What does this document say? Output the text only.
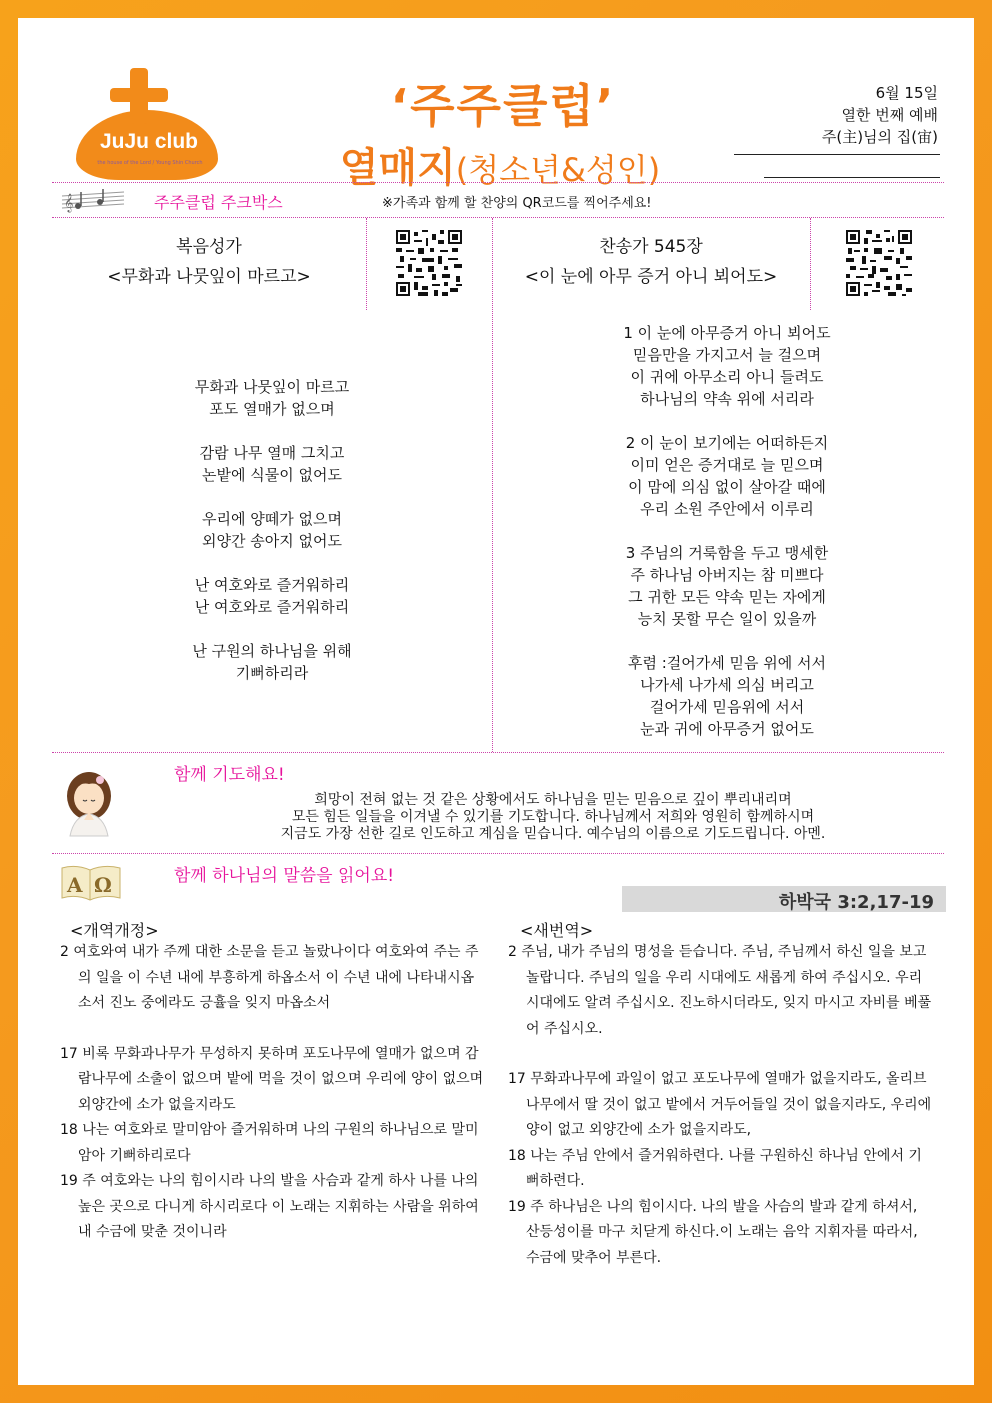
JuJu club
the house of the Lord / Young Shin Church
‘주주클럽’
열매지(청소년&성인)
6월 15일
열한 번째 예배
주(主)님의 집(宙)
𝄞	주주클럽 주크박스	※가족과 함께 할 찬양의 QR코드를 찍어주세요!
복음성가
<무화과 나뭇잎이 마르고>
무화과 나뭇잎이 마르고
포도 열매가 없으며
감람 나무 열매 그치고
논밭에 식물이 없어도
우리에 양떼가 없으며
외양간 송아지 없어도
난 여호와로 즐거워하리
난 여호와로 즐거워하리
난 구원의 하나님을 위해
기뻐하리라
찬송가 545장
<이 눈에 아무 증거 아니 뵈어도>
1 이 눈에 아무증거 아니 뵈어도
믿음만을 가지고서 늘 걸으며
이 귀에 아무소리 아니 들려도
하나님의 약속 위에 서리라
2 이 눈이 보기에는 어떠하든지
이미 얻은 증거대로 늘 믿으며
이 맘에 의심 없이 살아갈 때에
우리 소원 주안에서 이루리
3 주님의 거룩함을 두고 맹세한
주 하나님 아버지는 참 미쁘다
그 귀한 모든 약속 믿는 자에게
능치 못할 무슨 일이 있을까
후렴 :걸어가세 믿음 위에 서서
나가세 나가세 의심 버리고
걸어가세 믿음위에 서서
눈과 귀에 아무증거 없어도
함께 기도해요!
희망이 전혀 없는 것 같은 상황에서도 하나님을 믿는 믿음으로 깊이 뿌리내리며
모든 힘든 일들을 이겨낼 수 있기를 기도합니다. 하나님께서 저희와 영원히 함께하시며
지금도 가장 선한 길로 인도하고 계심을 믿습니다. 예수님의 이름으로 기도드립니다. 아멘.
A Ω	함께 하나님의 말씀을 읽어요!
하박국 3:2,17-19
<개역개정>	<새번역>

2 여호와여 내가 주께 대한 소문을 듣고 놀랐나이다 여호와여 주는 주의 일을 이 수년 내에 부흥하게 하옵소서 이 수년 내에 나타내시옵소서 진노 중에라도 긍휼을 잊지 마옵소서

17 비록 무화과나무가 무성하지 못하며 포도나무에 열매가 없으며 감람나무에 소출이 없으며 밭에 먹을 것이 없으며 우리에 양이 없으며 외양간에 소가 없을지라도

18 나는 여호와로 말미암아 즐거워하며 나의 구원의 하나님으로 말미암아 기뻐하리로다

19 주 여호와는 나의 힘이시라 나의 발을 사슴과 같게 하사 나를 나의 높은 곳으로 다니게 하시리로다 이 노래는 지휘하는 사람을 위하여 내 수금에 맞춘 것이니라

2 주님, 내가 주님의 명성을 듣습니다. 주님, 주님께서 하신 일을 보고 놀랍니다. 주님의 일을 우리 시대에도 새롭게 하여 주십시오. 우리 시대에도 알려 주십시오. 진노하시더라도, 잊지 마시고 자비를 베풀어 주십시오.

17 무화과나무에 과일이 없고 포도나무에 열매가 없을지라도, 올리브 나무에서 딸 것이 없고 밭에서 거두어들일 것이 없을지라도, 우리에 양이 없고 외양간에 소가 없을지라도,

18 나는 주님 안에서 즐거워하련다. 나를 구원하신 하나님 안에서 기뻐하련다.

19 주 하나님은 나의 힘이시다. 나의 발을 사슴의 발과 같게 하셔서, 산등성이를 마구 치닫게 하신다.이 노래는 음악 지휘자를 따라서, 수금에 맞추어 부른다.
